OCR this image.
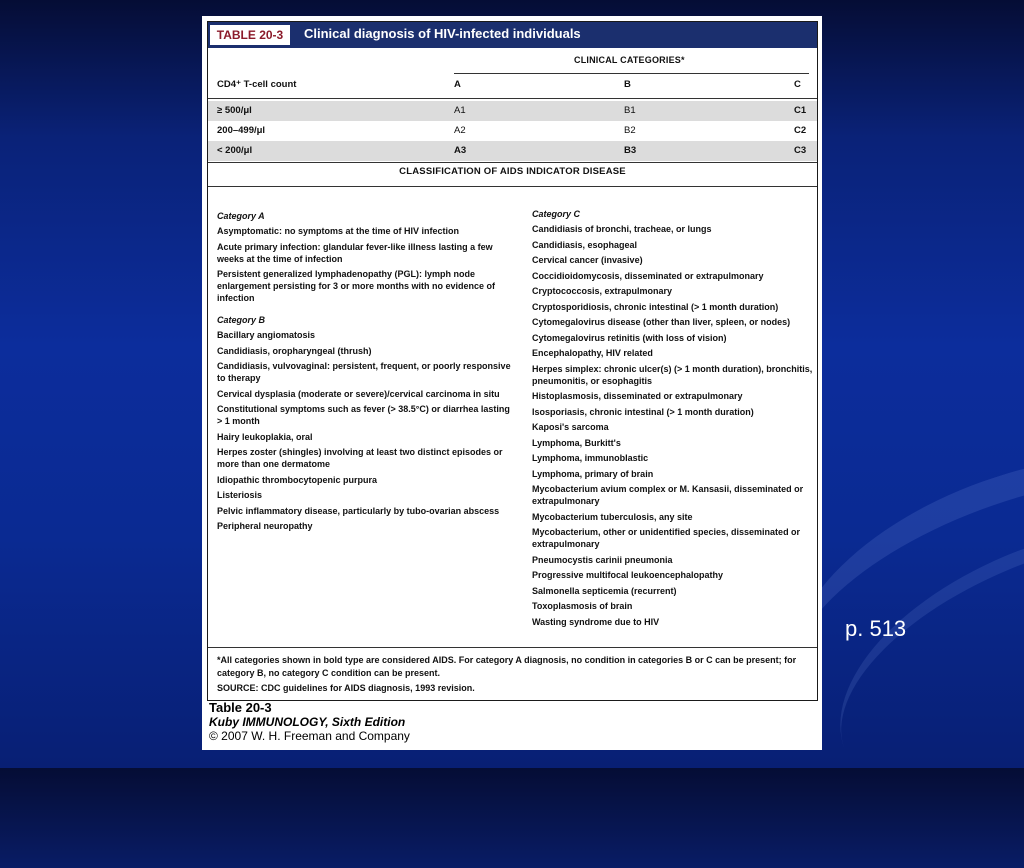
TABLE 20-3	Clinical diagnosis of HIV-infected individuals
CLINICAL CATEGORIES*
CD4⁺ T-cell count	A	B	C
≥ 500/μl	A1	B1	C1
200–499/μl	A2	B2	C2
< 200/μl	A3	B3	C3
CLASSIFICATION OF AIDS INDICATOR DISEASE
Category A
Asymptomatic: no symptoms at the time of HIV infection
Acute primary infection: glandular fever-like illness lasting a few weeks at the time of infection
Persistent generalized lymphadenopathy (PGL): lymph node enlargement persisting for 3 or more months with no evidence of infection
Category B
Bacillary angiomatosis
Candidiasis, oropharyngeal (thrush)
Candidiasis, vulvovaginal: persistent, frequent, or poorly responsive to therapy
Cervical dysplasia (moderate or severe)/cervical carcinoma in situ
Constitutional symptoms such as fever (> 38.5°C) or diarrhea lasting > 1 month
Hairy leukoplakia, oral
Herpes zoster (shingles) involving at least two distinct episodes or more than one dermatome
Idiopathic thrombocytopenic purpura
Listeriosis
Pelvic inflammatory disease, particularly by tubo-ovarian abscess
Peripheral neuropathy
Category C
Candidiasis of bronchi, tracheae, or lungs
Candidiasis, esophageal
Cervical cancer (invasive)
Coccidioidomycosis, disseminated or extrapulmonary
Cryptococcosis, extrapulmonary
Cryptosporidiosis, chronic intestinal (> 1 month duration)
Cytomegalovirus disease (other than liver, spleen, or nodes)
Cytomegalovirus retinitis (with loss of vision)
Encephalopathy, HIV related
Herpes simplex: chronic ulcer(s) (> 1 month duration), bronchitis, pneumonitis, or esophagitis
Histoplasmosis, disseminated or extrapulmonary
Isosporiasis, chronic intestinal (> 1 month duration)
Kaposi's sarcoma
Lymphoma, Burkitt's
Lymphoma, immunoblastic
Lymphoma, primary of brain
Mycobacterium avium complex or M. Kansasii, disseminated or extrapulmonary
Mycobacterium tuberculosis, any site
Mycobacterium, other or unidentified species, disseminated or extrapulmonary
Pneumocystis carinii pneumonia
Progressive multifocal leukoencephalopathy
Salmonella septicemia (recurrent)
Toxoplasmosis of brain
Wasting syndrome due to HIV
*All categories shown in bold type are considered AIDS. For category A diagnosis, no condition in categories B or C can be present; for category B, no category C condition can be present.
SOURCE: CDC guidelines for AIDS diagnosis, 1993 revision.
Table 20-3
Kuby IMMUNOLOGY, Sixth Edition
© 2007 W. H. Freeman and Company
p. 513
